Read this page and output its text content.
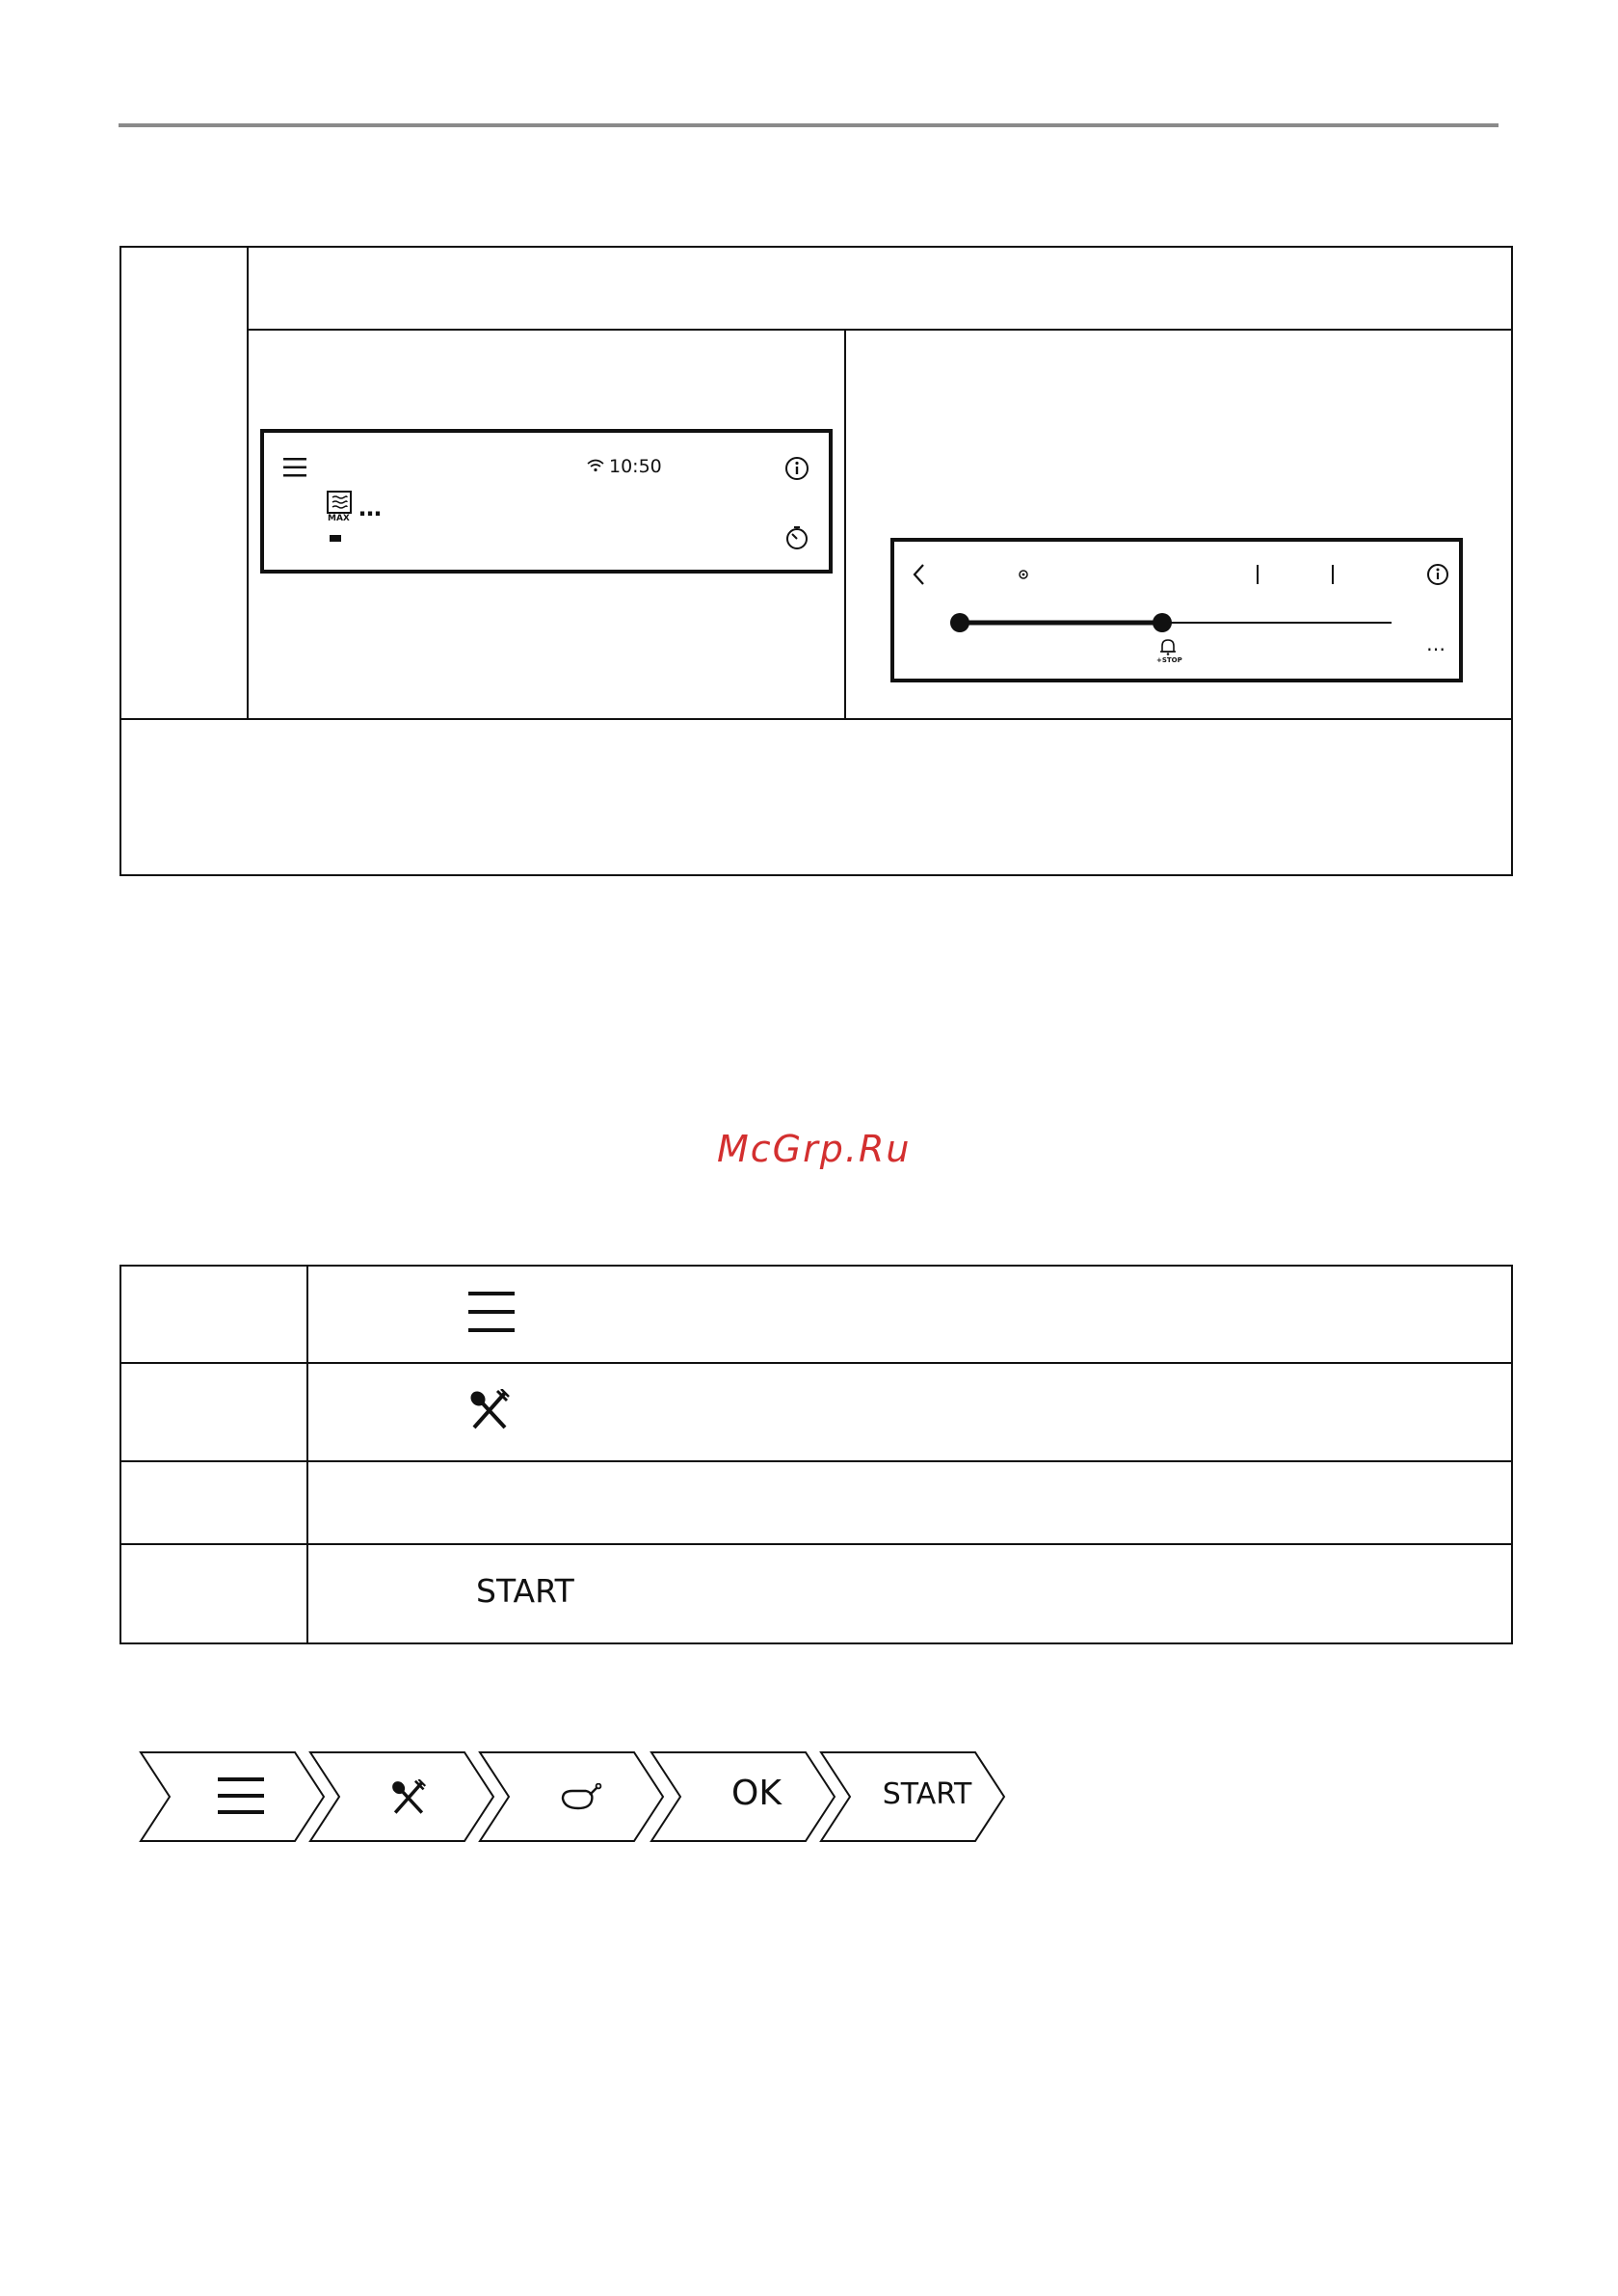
10:50
MAX …
+STOP
…
McGrp.Ru
START
OK	START
